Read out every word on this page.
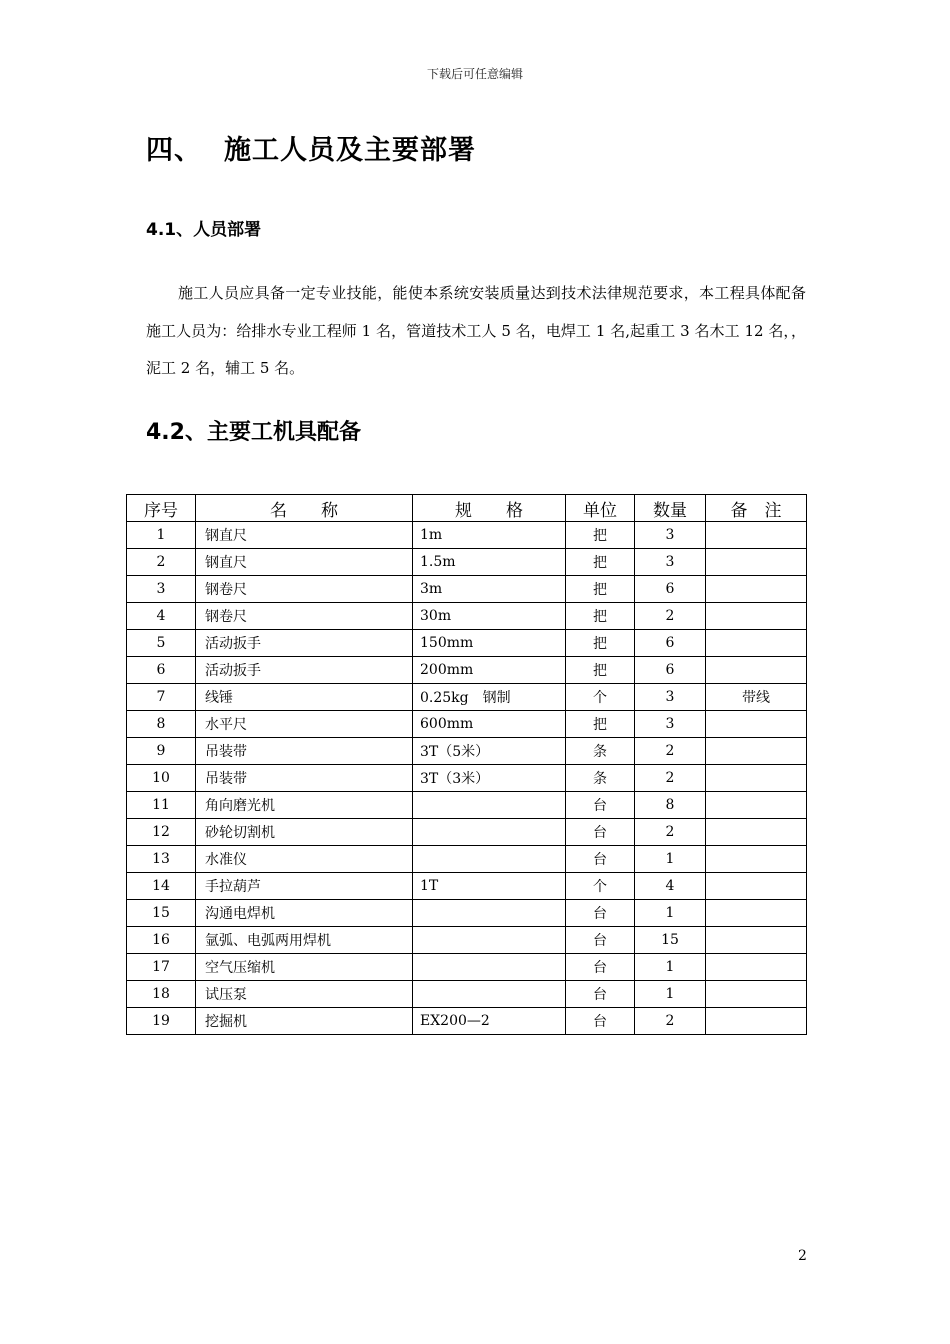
下载后可任意编辑
四、 施工人员及主要部署
4.1、人员部署
施工人员应具备一定专业技能，能使本系统安装质量达到技术法律规范要求，本工程具体配备施工人员为：给排水专业工程师 1 名，管道技术工人 5 名，电焊工 1 名,起重工 3 名木工 12 名，，泥工 2 名，辅工 5 名。
4.2、主要工机具配备
序号	名　　称	规　　格	单位	数量	备　注
1	钢直尺	1m	把	3	
2	钢直尺	1.5m	把	3	
3	钢卷尺	3m	把	6	
4	钢卷尺	30m	把	2	
5	活动扳手	150mm	把	6	
6	活动扳手	200mm	把	6	
7	线锤	0.25kg　钢制	个	3	带线
8	水平尺	600mm	把	3	
9	吊装带	3T（5米）	条	2	
10	吊装带	3T（3米）	条	2	
11	角向磨光机		台	8	
12	砂轮切割机		台	2	
13	水准仪		台	1	
14	手拉葫芦	1T	个	4	
15	沟通电焊机		台	1	
16	氩弧、电弧两用焊机		台	15	
17	空气压缩机		台	1	
18	试压泵		台	1	
19	挖掘机	EX200—2	台	2	
2
